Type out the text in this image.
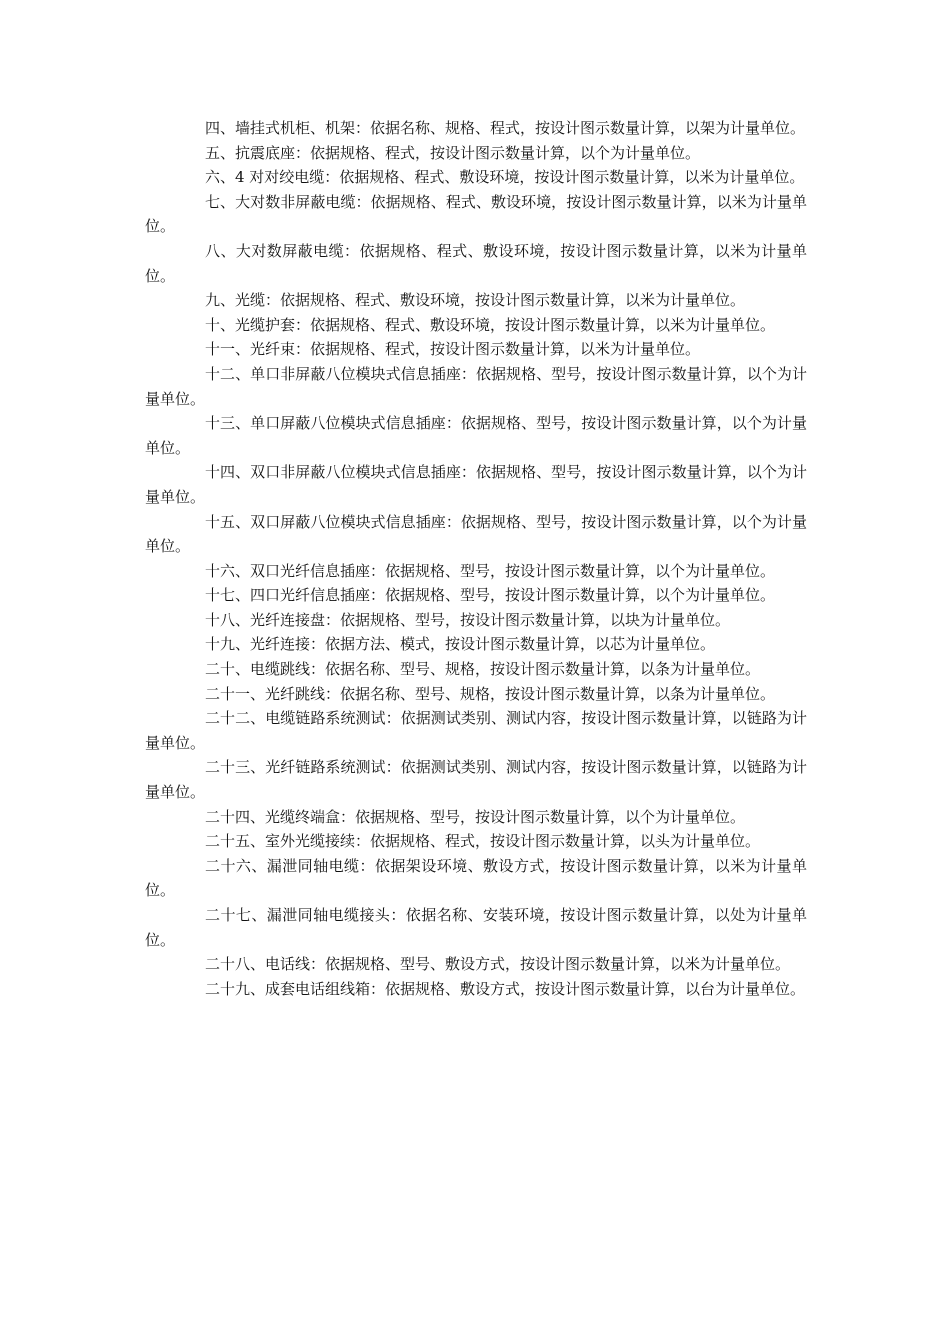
四、墙挂式机柜、机架：依据名称、规格、程式，按设计图示数量计算，以架为计量单位。

五、抗震底座：依据规格、程式，按设计图示数量计算，以个为计量单位。

六、4 对对绞电缆：依据规格、程式、敷设环境，按设计图示数量计算，以米为计量单位。

七、大对数非屏蔽电缆：依据规格、程式、敷设环境，按设计图示数量计算，以米为计量单位。

八、大对数屏蔽电缆：依据规格、程式、敷设环境，按设计图示数量计算，以米为计量单位。

九、光缆：依据规格、程式、敷设环境，按设计图示数量计算，以米为计量单位。

十、光缆护套：依据规格、程式、敷设环境，按设计图示数量计算，以米为计量单位。

十一、光纤束：依据规格、程式，按设计图示数量计算，以米为计量单位。

十二、单口非屏蔽八位模块式信息插座：依据规格、型号，按设计图示数量计算，以个为计量单位。

十三、单口屏蔽八位模块式信息插座：依据规格、型号，按设计图示数量计算，以个为计量单位。

十四、双口非屏蔽八位模块式信息插座：依据规格、型号，按设计图示数量计算，以个为计量单位。

十五、双口屏蔽八位模块式信息插座：依据规格、型号，按设计图示数量计算，以个为计量单位。

十六、双口光纤信息插座：依据规格、型号，按设计图示数量计算，以个为计量单位。

十七、四口光纤信息插座：依据规格、型号，按设计图示数量计算，以个为计量单位。

十八、光纤连接盘：依据规格、型号，按设计图示数量计算，以块为计量单位。

十九、光纤连接：依据方法、模式，按设计图示数量计算，以芯为计量单位。

二十、电缆跳线：依据名称、型号、规格，按设计图示数量计算，以条为计量单位。

二十一、光纤跳线：依据名称、型号、规格，按设计图示数量计算，以条为计量单位。

二十二、电缆链路系统测试：依据测试类别、测试内容，按设计图示数量计算，以链路为计量单位。

二十三、光纤链路系统测试：依据测试类别、测试内容，按设计图示数量计算，以链路为计量单位。

二十四、光缆终端盒：依据规格、型号，按设计图示数量计算，以个为计量单位。

二十五、室外光缆接续：依据规格、程式，按设计图示数量计算，以头为计量单位。

二十六、漏泄同轴电缆：依据架设环境、敷设方式，按设计图示数量计算，以米为计量单位。

二十七、漏泄同轴电缆接头：依据名称、安装环境，按设计图示数量计算，以处为计量单位。

二十八、电话线：依据规格、型号、敷设方式，按设计图示数量计算，以米为计量单位。

二十九、成套电话组线箱：依据规格、敷设方式，按设计图示数量计算，以台为计量单位。
